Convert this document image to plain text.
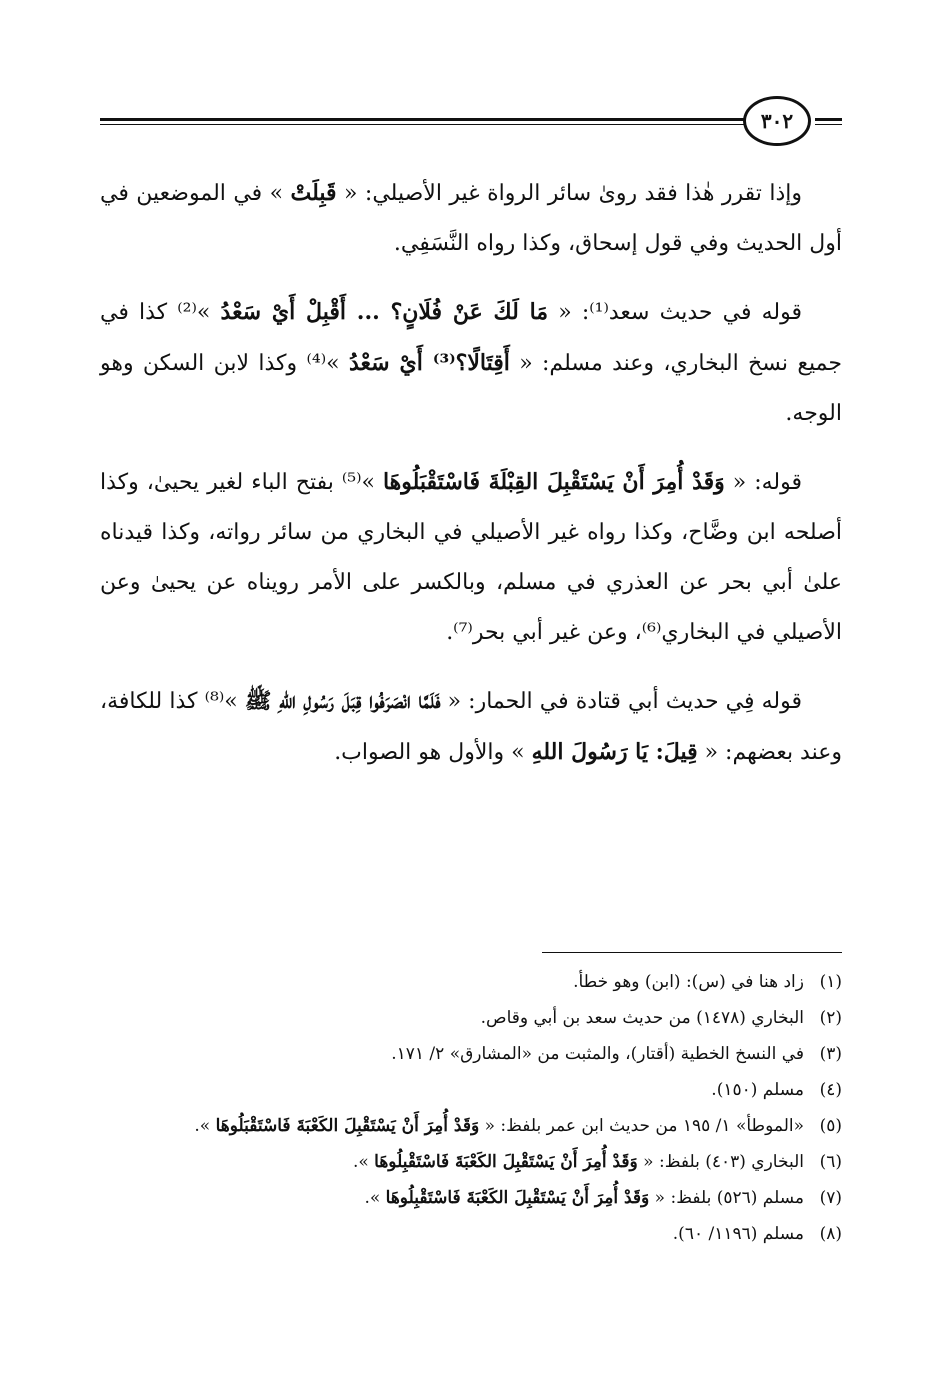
٣٠٢

وإذا تقرر هٰذا فقد روىٰ سائر الرواة غير الأصيلي: « قَبِلَتْ » في الموضعين في أول الحديث وفي قول إسحاق، وكذا رواه النَّسَفِي.

قوله في حديث سعد⁽¹⁾: « مَا لَكَ عَنْ فُلَانٍ؟ ... أَقْبِلْ أَيْ سَعْدُ »⁽²⁾ كذا في جميع نسخ البخاري، وعند مسلم: « أَقِتَالًا؟⁽³⁾ أَيْ سَعْدُ »⁽⁴⁾ وكذا لابن السكن وهو الوجه.

قوله: « وَقَدْ أُمِرَ أَنْ يَسْتَقْبِلَ القِبْلَةَ فَاسْتَقْبَلُوهَا »⁽⁵⁾ بفتح الباء لغير يحيىٰ، وكذا أصلحه ابن وضَّاح، وكذا رواه غير الأصيلي في البخاري من سائر رواته، وكذا قيدناه علىٰ أبي بحر عن العذري في مسلم، وبالكسر على الأمر رويناه عن يحيىٰ وعن الأصيلي في البخاري⁽⁶⁾، وعن غير أبي بحر⁽⁷⁾.

قوله فِي حديث أبي قتادة في الحمار: « فَلَمَّا انْصَرَفُوا قِبَلَ رَسُولِ اللهِ ﷺ »⁽⁸⁾ كذا للكافة، وعند بعضهم: « قِيلَ: يَا رَسُولَ اللهِ » والأول هو الصواب.

(١)
زاد هنا في (س): (ابن) وهو خطأ.
(٢)
البخاري (١٤٧٨) من حديث سعد بن أبي وقاص.
(٣)
في النسخ الخطية (أقتار)، والمثبت من «المشارق» ٢/ ١٧١.
(٤)
مسلم (١٥٠).
(٥)
«الموطأ» ١/ ١٩٥ من حديث ابن عمر بلفظ: « وَقَدْ أُمِرَ أَنْ يَسْتَقْبِلَ الكَعْبَةَ فَاسْتَقْبَلُوهَا ».
(٦)
البخاري (٤٠٣) بلفظ: « وَقَدْ أُمِرَ أَنْ يَسْتَقْبِلَ الكَعْبَةَ فَاسْتَقْبِلُوهَا ».
(٧)
مسلم (٥٢٦) بلفظ: « وَقَدْ أُمِرَ أَنْ يَسْتَقْبِلَ الكَعْبَةَ فَاسْتَقْبِلُوهَا ».
(٨)
مسلم (١١٩٦/ ٦٠).
